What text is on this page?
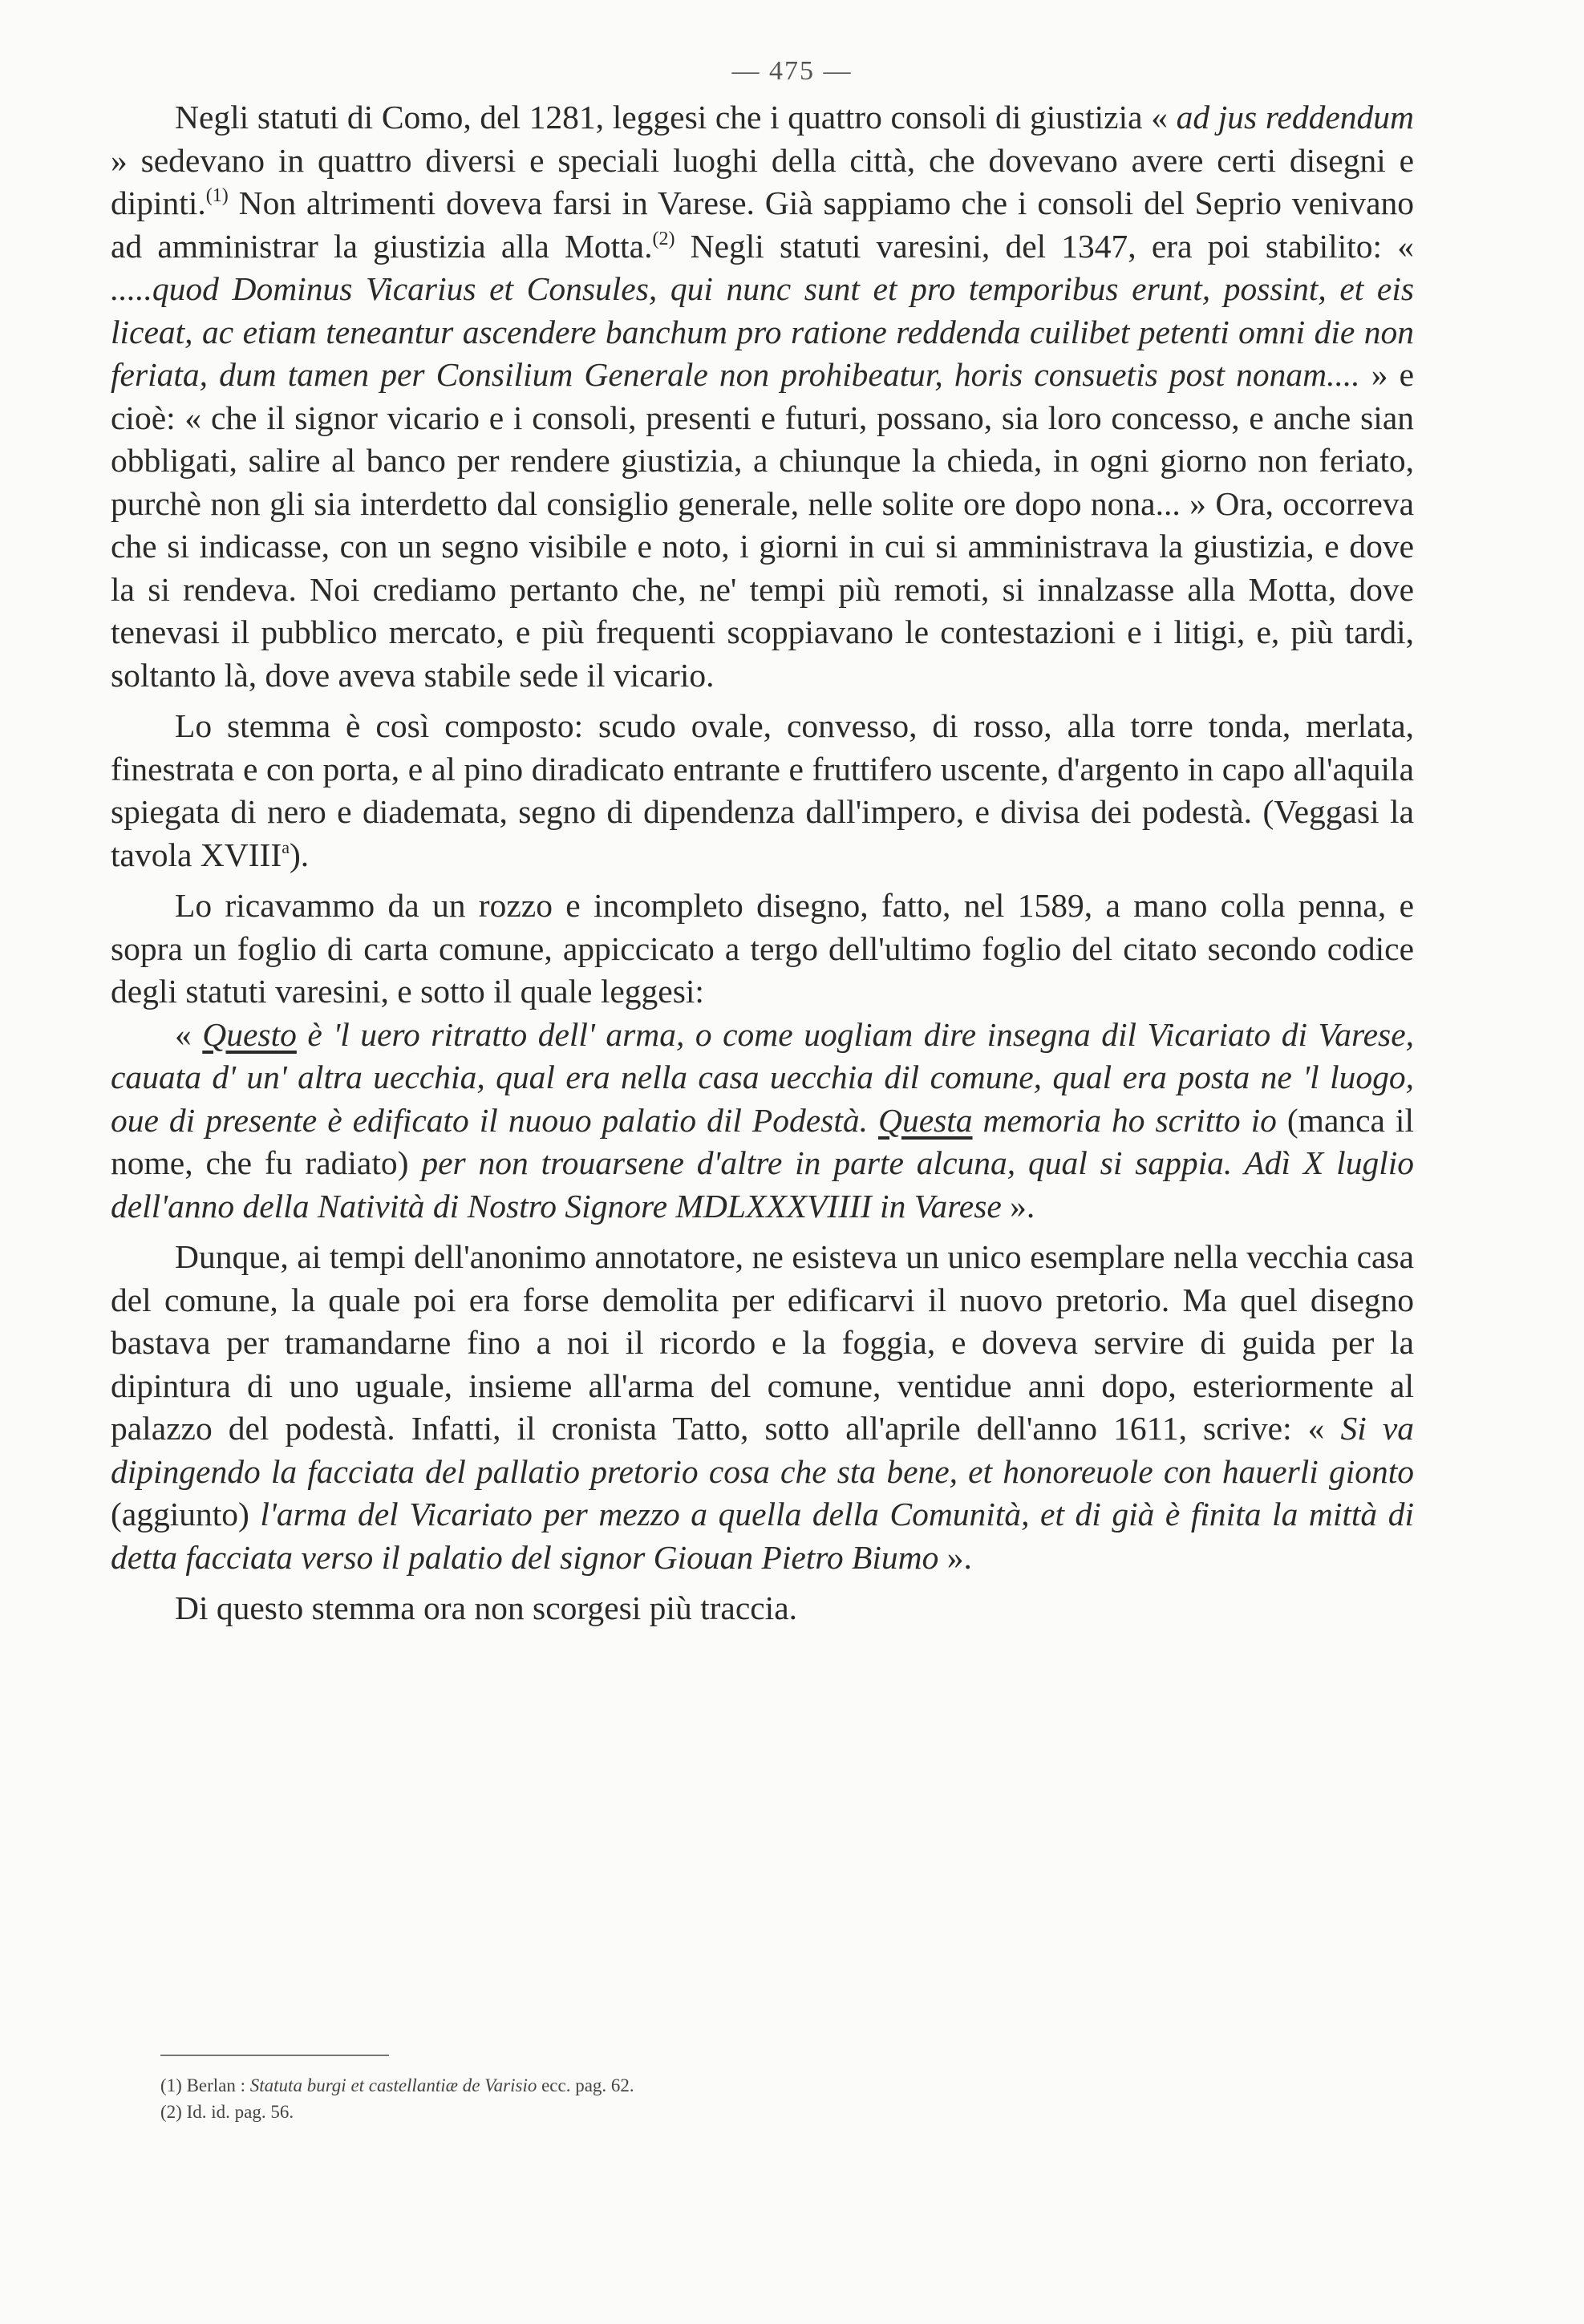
— 475 —

Negli statuti di Como, del 1281, leggesi che i quattro consoli di giustizia « ad jus reddendum » sedevano in quattro diversi e speciali luoghi della città, che dovevano avere certi disegni e dipinti.$^{(1)}$ Non altrimenti doveva farsi in Varese. Già sappiamo che i consoli del Seprio venivano ad amministrar la giustizia alla Motta.$^{(2)}$ Negli statuti varesini, del 1347, era poi stabilito: « .....quod Dominus Vicarius et Consules, qui nunc sunt et pro temporibus erunt, possint, et eis liceat, ac etiam teneantur ascendere banchum pro ratione reddenda cuilibet petenti omni die non feriata, dum tamen per Consilium Generale non prohibeatur, horis consuetis post nonam.... » e cioè: « che il signor vicario e i consoli, presenti e futuri, possano, sia loro concesso, e anche sian obbligati, salire al banco per rendere giustizia, a chiunque la chieda, in ogni giorno non feriato, purchè non gli sia interdetto dal consiglio generale, nelle solite ore dopo nona... » Ora, occorreva che si indicasse, con un segno visibile e noto, i giorni in cui si amministrava la giustizia, e dove la si rendeva. Noi crediamo pertanto che, ne' tempi più remoti, si innalzasse alla Motta, dove tenevasi il pubblico mercato, e più frequenti scoppiavano le contestazioni e i litigi, e, più tardi, soltanto là, dove aveva stabile sede il vicario.

Lo stemma è così composto: scudo ovale, convesso, di rosso, alla torre tonda, merlata, finestrata e con porta, e al pino diradicato entrante e fruttifero uscente, d'argento in capo all'aquila spiegata di nero e diademata, segno di dipendenza dall'impero, e divisa dei podestà. (Veggasi la tavola XVIII$^a$).

Lo ricavammo da un rozzo e incompleto disegno, fatto, nel 1589, a mano colla penna, e sopra un foglio di carta comune, appiccicato a tergo dell'ultimo foglio del citato secondo codice degli statuti varesini, e sotto il quale leggesi:

« Questo è 'l uero ritratto dell' arma, o come uogliam dire insegna dil Vicariato di Varese, cauata d' un' altra uecchia, qual era nella casa uecchia dil comune, qual era posta ne 'l luogo, oue di presente è edificato il nuouo palatio dil Podestà. Questa memoria ho scritto io (manca il nome, che fu radiato) per non trouarsene d'altre in parte alcuna, qual si sappia. Adì X luglio dell'anno della Natività di Nostro Signore MDLXXXVIIII in Varese ».

Dunque, ai tempi dell'anonimo annotatore, ne esisteva un unico esemplare nella vecchia casa del comune, la quale poi era forse demolita per edificarvi il nuovo pretorio. Ma quel disegno bastava per tramandarne fino a noi il ricordo e la foggia, e doveva servire di guida per la dipintura di uno uguale, insieme all'arma del comune, ventidue anni dopo, esteriormente al palazzo del podestà. Infatti, il cronista Tatto, sotto all'aprile dell'anno 1611, scrive: « Si va dipingendo la facciata del pallatio pretorio cosa che sta bene, et honoreuole con hauerli gionto (aggiunto) l'arma del Vicariato per mezzo a quella della Comunità, et di già è finita la mittà di detta facciata verso il palatio del signor Giouan Pietro Biumo ».

Di questo stemma ora non scorgesi più traccia.

(1) Berlan : Statuta burgi et castellantiæ de Varisio ecc. pag. 62.
(2) Id. id. pag. 56.
